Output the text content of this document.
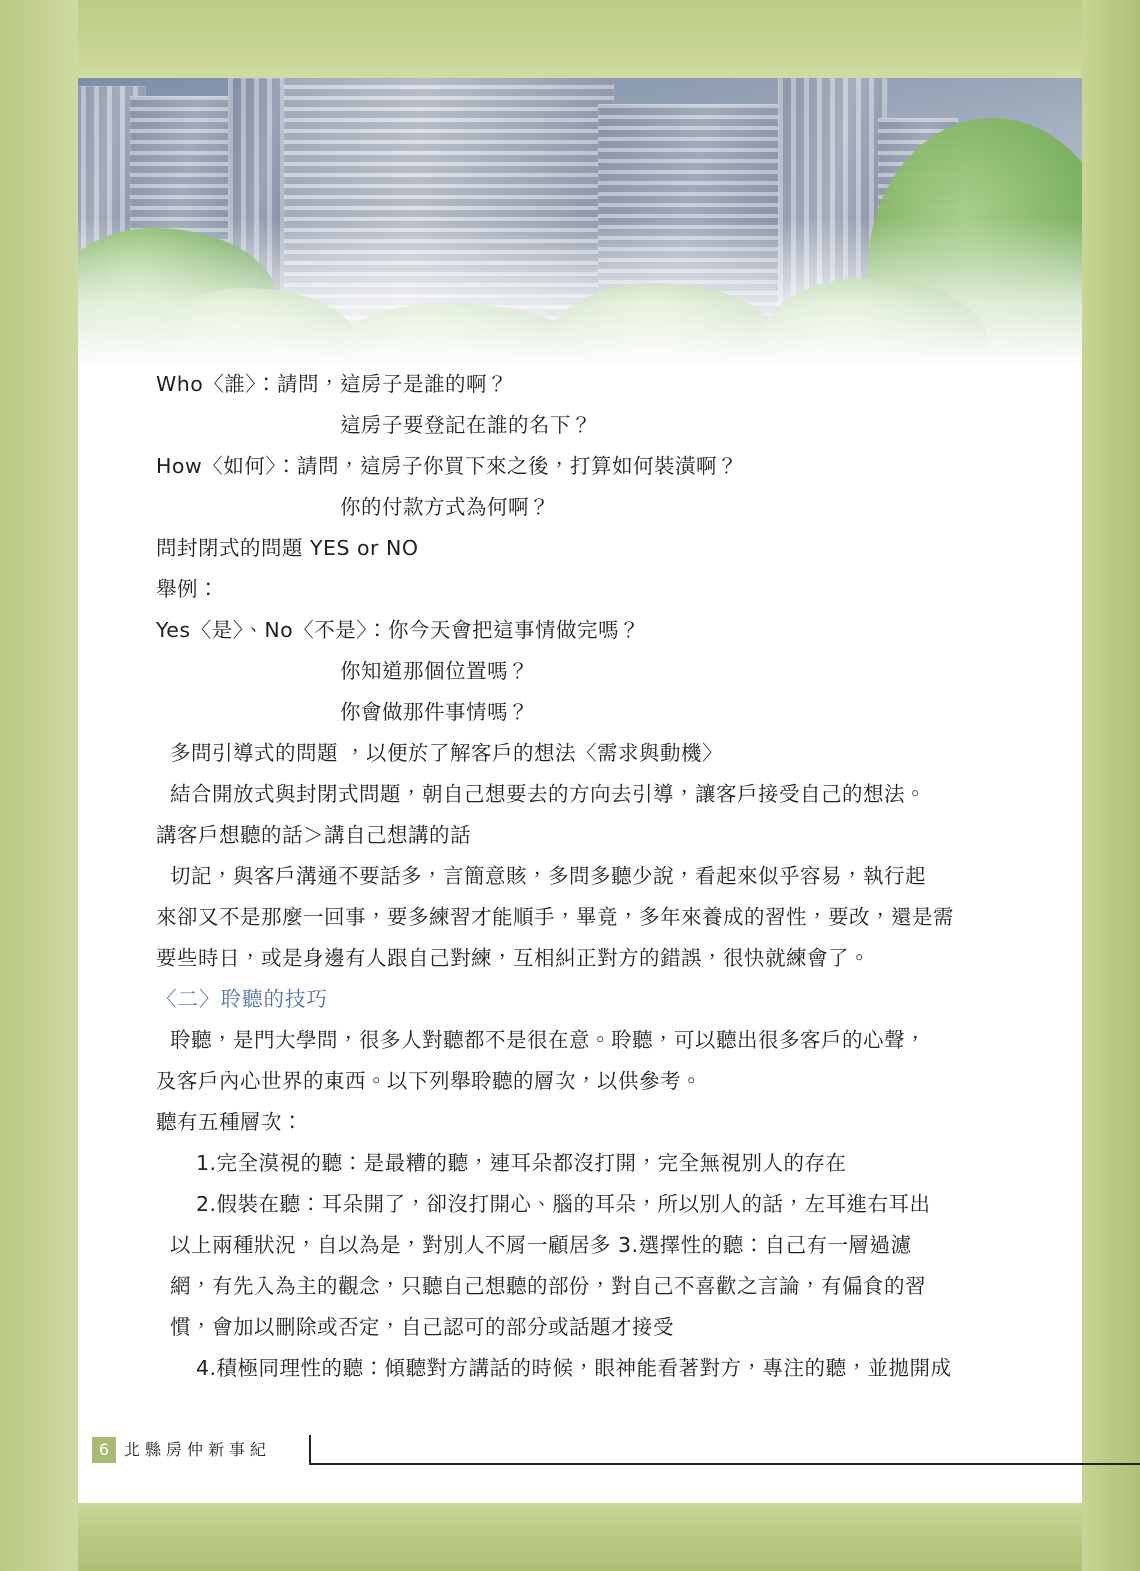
Who〈誰〉：請問，這房子是誰的啊？

這房子要登記在誰的名下？

How〈如何〉：請問，這房子你買下來之後，打算如何裝潢啊？

你的付款方式為何啊？

問封閉式的問題 YES or NO

舉例：

Yes〈是〉、No〈不是〉：你今天會把這事情做完嗎？

你知道那個位置嗎？

你會做那件事情嗎？

多問引導式的問題 ，以便於了解客戶的想法〈需求與動機〉

結合開放式與封閉式問題，朝自己想要去的方向去引導，讓客戶接受自己的想法。

講客戶想聽的話＞講自己想講的話

切記，與客戶溝通不要話多，言簡意賅，多問多聽少說，看起來似乎容易，執行起

來卻又不是那麼一回事，要多練習才能順手，畢竟，多年來養成的習性，要改，還是需

要些時日，或是身邊有人跟自己對練，互相糾正對方的錯誤，很快就練會了。

〈二〉聆聽的技巧

聆聽，是門大學問，很多人對聽都不是很在意。聆聽，可以聽出很多客戶的心聲，

及客戶內心世界的東西。以下列舉聆聽的層次，以供參考。

聽有五種層次：

1.完全漠視的聽：是最糟的聽，連耳朵都沒打開，完全無視別人的存在

2.假裝在聽：耳朵開了，卻沒打開心、腦的耳朵，所以別人的話，左耳進右耳出

以上兩種狀況，自以為是，對別人不屑一顧居多 3.選擇性的聽：自己有一層過濾

網，有先入為主的觀念，只聽自己想聽的部份，對自己不喜歡之言論，有偏食的習

慣，會加以刪除或否定，自己認可的部分或話題才接受

4.積極同理性的聽：傾聽對方講話的時候，眼神能看著對方，專注的聽，並拋開成

6 北縣房仲新事紀
